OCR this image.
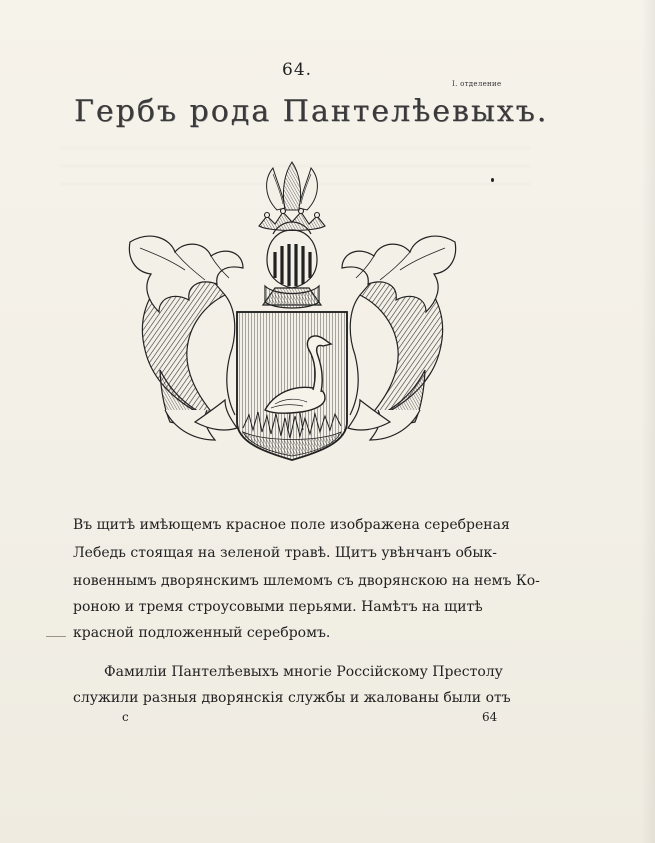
64.
I. отделение
Гербъ рода Пантелѣевыхъ.
Въ щитѣ имѣющемъ красное поле изображена серебреная
Лебедь стоящая на зеленой травѣ. Щитъ увѣнчанъ обык-
новеннымъ дворянскимъ шлемомъ съ дворянскою на немъ Ко-
роною и тремя строусовыми перьями. Намѣтъ на щитѣ
красной подложенный серебромъ.
Фамилiи Пантелѣевыхъ многiе Россiйскому Престолу
служили разныя дворянскiя службы и жалованы были отъ
с	64
